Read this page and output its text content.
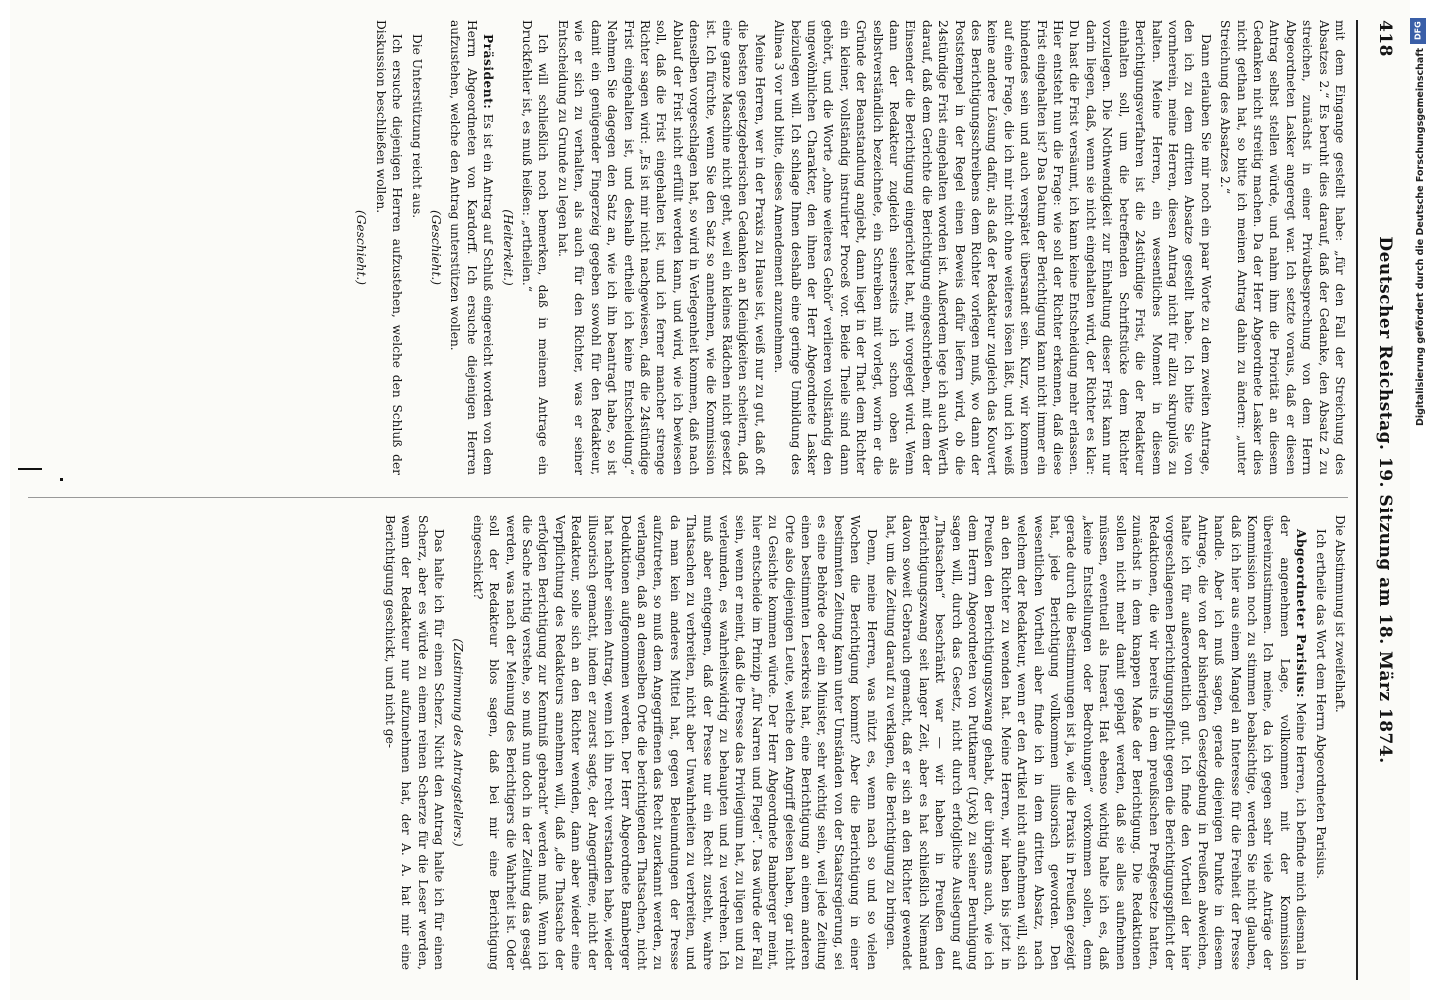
418
Deutscher Reichstag. 19. Sitzung am 18. März 1874.

mit dem Eingange gestellt habe: „für den Fall der Streichung des Absatzes 2.“ Es beruht dies darauf, daß der Gedanke, den Absatz 2 zu streichen, zunächst in einer Privatbesprechung von dem Herrn Abgeordneten Lasker angeregt war. Ich setzte voraus, daß er diesen Antrag selbst stellen würde, und nahm ihm die Priorität an diesem Gedanken nicht streitig machen. Da der Herr Abgeordnete Lasker dies nicht gethan hat, so bitte ich meinen Antrag dahin zu ändern: „unter Streichung des Absatzes 2.“

Dann erlauben Sie mir noch ein paar Worte zu dem zweiten Antrage, den ich zu dem dritten Absatze gestellt habe. Ich bitte Sie von vornherein, meine Herren, diesen Antrag nicht für allzu skrupulös zu halten. Meine Herren, ein wesentliches Moment in diesem Berichtigungsverfahren ist die 24stündige Frist, die der Redakteur einhalten soll, um die betreffenden Schriftstücke dem Richter vorzulegen. Die Nothwendigkeit zur Einhaltung dieser Frist kann nur darin liegen, daß, wenn sie nicht eingehalten wird, der Richter es klar: Du hast die Frist versäumt, ich kann keine Entscheidung mehr erlassen. Hier entsteht nun die Frage: wie soll der Richter erkennen, daß diese Frist eingehalten ist? Das Datum der Berichtigung kann nicht immer ein bindendes sein und auch verspätet übersandt sein. Kurz, wir kommen auf eine Frage, die ich mir nicht ohne weiteres lösen läßt, und ich weiß keine andere Lösung dafür, als daß der Redakteur zugleich das Kouvert des Berichtigungsschreibens dem Richter vorlegen muß, wo dann der Poststempel in der Regel einen Beweis dafür liefern wird, ob die 24stündige Frist eingehalten worden ist. Außerdem lege ich auch Werth darauf, daß dem Gerichte die Berichtigung eingeschrieben, mit dem der Einsender die Berichtigung eingerichtet hat, mit vorgelegt wird. Wenn dann der Redakteur zugleich seinerseits ich schon oben als selbstverständlich bezeichnete, ein Schreiben mit vorlegt, worin er die Gründe der Beanstandung angiebt, dann liegt in der That dem Richter ein kleiner, vollständig instruirter Proceß vor. Beide Theile sind dann gehört, und die Worte „ohne weiteres Gehör“ verlieren vollständig den ungewöhnlichen Charakter, den ihnen der Herr Abgeordnete Lasker beizulegen will. Ich schlage Ihnen deshalb eine geringe Umbildung des Alinea 3 vor und bitte, dieses Amendement anzunehmen.

Meine Herren, wer in der Praxis zu Hause ist, weiß nur zu gut, daß oft die besten gesetzgeberischen Gedanken an Kleinigkeiten scheitern, daß eine ganze Maschine nicht geht, weil ein kleines Rädchen nicht gesetzt ist. Ich fürchte, wenn Sie den Satz so annehmen, wie die Kommission denselben vorgeschlagen hat, so wird in Verlegenheit kommen, daß nach Ablauf der Frist nicht erfüllt werden kann, und wird, wie ich bewiesen soll, daß die Frist eingehalten ist, und ich ferner mancher strenge Richter sagen wird: „Es ist mir nicht nachgewiesen, daß die 24stündige Frist eingehalten ist, und deshalb ertheile ich keine Entscheidung.“ Nehmen Sie dagegen den Satz an, wie ich ihn beantragt habe, so ist damit ein genügender Fingerzeig gegeben sowohl für den Redakteur, wie er sich zu verhalten, als auch für den Richter, was er seiner Entscheidung zu Grunde zu legen hat.

Ich will schließlich noch bemerken, daß in meinem Antrage ein Druckfehler ist, es muß heißen: „ertheilen.“

(Heiterkeit.)

Präsident: Es ist ein Antrag auf Schluß eingereicht worden von dem Herrn Abgeordneten von Kardorff. Ich ersuche diejenigen Herren aufzustehen, welche den Antrag unterstützen wollen.

(Geschieht.)

Die Unterstützung reicht aus.

Ich ersuche diejenigen Herren aufzustehen, welche den Schluß der Diskussion beschließen wollen.

(Geschieht.)

Die Abstimmung ist zweifelhaft.

Ich ertheile das Wort dem Herrn Abgeordneten Parisius.

Abgeordneter Parisius: Meine Herren, ich befinde mich diesmal in der angenehmen Lage, vollkommen mit der Kommission übereinzustimmen. Ich meine, da ich gegen sehr viele Anträge der Kommission noch zu stimmen beabsichtige, werden Sie nicht glauben, daß ich hier aus einem Mangel an Interesse für die Freiheit der Presse handle. Aber ich muß sagen, gerade diejenigen Punkte in diesem Antrage, die von der bisherigen Gesetzgebung in Preußen abweichen, halte ich für außerordentlich gut. Ich finde den Vortheil der hier vorgeschlagenen Berichtigungspflicht gegen die Berichtigungspflicht der Redaktionen, die wir bereits in dem preußischen Preßgesetze hatten, zunächst in dem knappen Maße der Berichtigung. Die Redaktionen sollen nicht mehr damit geplagt werden, daß sie alles aufnehmen müssen, eventuell als Inserat. Hat ebenso wichtig halte ich es, daß „keine Entstellungen oder Bedrohungen“ vorkommen sollen, denn gerade durch die Bestimmungen ist ja, wie die Praxis in Preußen gezeigt hat, jede Berichtigung vollkommen illusorisch geworden. Den wesentlichen Vortheil aber finde ich in dem dritten Absatz, nach welchem der Redakteur, wenn er den Artikel nicht aufnehmen will, sich an den Richter zu wenden hat. Meine Herren, wir haben bis jetzt in Preußen den Berichtigungszwang gehabt, der übrigens auch, wie ich dem Herrn Abgeordneten von Puttkamer (Lyck) zu seiner Beruhigung sagen will, durch das Gesetz, nicht durch erfolgliche Auslegung auf „Thatsachen“ beschränkt war — wir haben in Preußen den Berichtigungszwang seit langer Zeit, aber es hat schließlich Niemand davon soweit Gebrauch gemacht, daß er sich an den Richter gewendet hat, um die Zeitung darauf zu verklagen, die Berichtigung zu bringen.

Denn, meine Herren, was nützt es, wenn nach so und so vielen Wochen die Berichtigung kommt? Aber die Berichtigung in einer bestimmten Zeitung kann unter Umständen von der Staatsregierung, sei es eine Behörde oder ein Minister, sehr wichtig sein, weil jede Zeitung einen bestimmten Leserkreis hat, eine Berichtigung an einem anderen Orte also diejenigen Leute, welche den Angriff gelesen haben, gar nicht zu Gesichte kommen würde. Der Herr Abgeordnete Bamberger meint, hier entscheide im Prinzip „für Narren und Flegel“. Das würde der Fall sein, wenn er meint, daß die Presse das Privilegium hat, zu lügen und zu verleumden, es wahrheitswidrig zu behaupten und zu verdrehen. Ich muß aber entgegnen, daß der Presse nur ein Recht zusteht, wahre Thatsachen zu verbreiten, nicht aber Unwahrheiten zu verbreiten, und da man kein anderes Mittel hat, gegen Beleumdungen der Presse aufzutreten, so muß dem Angegriffenen das Recht zuerkannt werden, zu verlangen, daß an demselben Orte die berichtigenden Thatsachen, nicht Deduktionen aufgenommen werden. Der Herr Abgeordnete Bamberger hat nachher seinen Antrag, wenn ich ihn recht verstanden habe, wieder illusorisch gemacht, indem er zuerst sagte, der Angegriffene, nicht der Redakteur, solle sich an den Richter wenden, dann aber wieder eine Verpflichtung des Redakteurs annehmen will, daß „die Thatsache der erfolgten Berichtigung zur Kenntniß gebracht“ werden muß. Wenn ich die Sache richtig verstehe, so muß nun doch in der Zeitung das gesagt werden, was nach der Meinung des Berichtigers die Wahrheit ist. Oder soll der Redakteur blos sagen, daß bei mir eine Berichtigung eingeschickt?

(Zustimmung des Antragstellers.)

Das halte ich für einen Scherz. Nicht den Antrag halte ich für einen Scherz, aber es würde zu einem reinen Scherze für die Leser werden, wenn der Redakteur nur aufzunehmen hat, der A. A. hat mir eine Berichtigung geschickt, und nicht ge-

DFG
Digitalisierung gefördert durch die Deutsche Forschungsgemeinschaft
